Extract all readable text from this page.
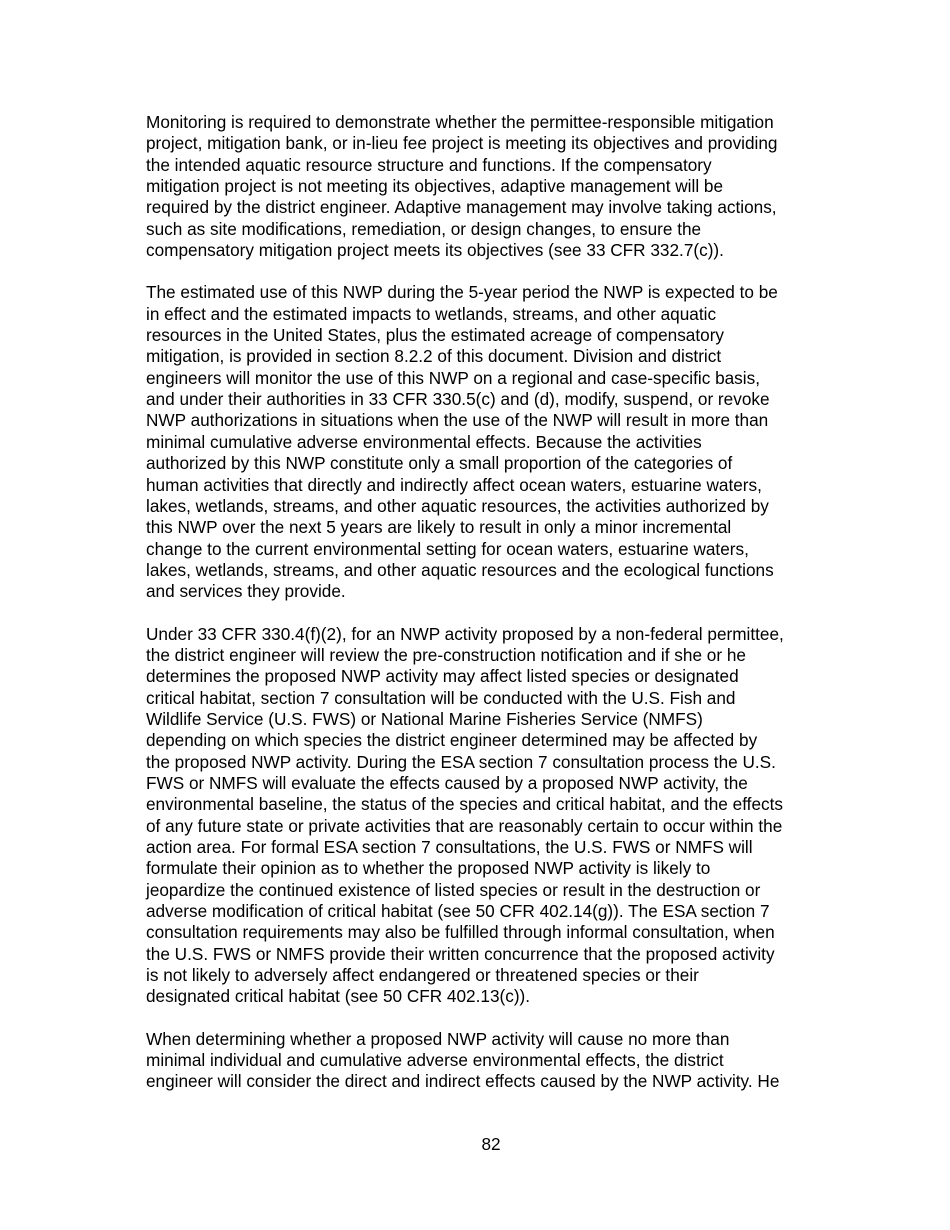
Monitoring is required to demonstrate whether the permittee-responsible mitigation
project, mitigation bank, or in-lieu fee project is meeting its objectives and providing
the intended aquatic resource structure and functions. If the compensatory
mitigation project is not meeting its objectives, adaptive management will be
required by the district engineer. Adaptive management may involve taking actions,
such as site modifications, remediation, or design changes, to ensure the
compensatory mitigation project meets its objectives (see 33 CFR 332.7(c)).

The estimated use of this NWP during the 5-year period the NWP is expected to be
in effect and the estimated impacts to wetlands, streams, and other aquatic
resources in the United States, plus the estimated acreage of compensatory
mitigation, is provided in section 8.2.2 of this document. Division and district
engineers will monitor the use of this NWP on a regional and case-specific basis,
and under their authorities in 33 CFR 330.5(c) and (d), modify, suspend, or revoke
NWP authorizations in situations when the use of the NWP will result in more than
minimal cumulative adverse environmental effects. Because the activities
authorized by this NWP constitute only a small proportion of the categories of
human activities that directly and indirectly affect ocean waters, estuarine waters,
lakes, wetlands, streams, and other aquatic resources, the activities authorized by
this NWP over the next 5 years are likely to result in only a minor incremental
change to the current environmental setting for ocean waters, estuarine waters,
lakes, wetlands, streams, and other aquatic resources and the ecological functions
and services they provide.

Under 33 CFR 330.4(f)(2), for an NWP activity proposed by a non-federal permittee,
the district engineer will review the pre-construction notification and if she or he
determines the proposed NWP activity may affect listed species or designated
critical habitat, section 7 consultation will be conducted with the U.S. Fish and
Wildlife Service (U.S. FWS) or National Marine Fisheries Service (NMFS)
depending on which species the district engineer determined may be affected by
the proposed NWP activity. During the ESA section 7 consultation process the U.S.
FWS or NMFS will evaluate the effects caused by a proposed NWP activity, the
environmental baseline, the status of the species and critical habitat, and the effects
of any future state or private activities that are reasonably certain to occur within the
action area. For formal ESA section 7 consultations, the U.S. FWS or NMFS will
formulate their opinion as to whether the proposed NWP activity is likely to
jeopardize the continued existence of listed species or result in the destruction or
adverse modification of critical habitat (see 50 CFR 402.14(g)). The ESA section 7
consultation requirements may also be fulfilled through informal consultation, when
the U.S. FWS or NMFS provide their written concurrence that the proposed activity
is not likely to adversely affect endangered or threatened species or their
designated critical habitat (see 50 CFR 402.13(c)).

When determining whether a proposed NWP activity will cause no more than
minimal individual and cumulative adverse environmental effects, the district
engineer will consider the direct and indirect effects caused by the NWP activity. He

82
